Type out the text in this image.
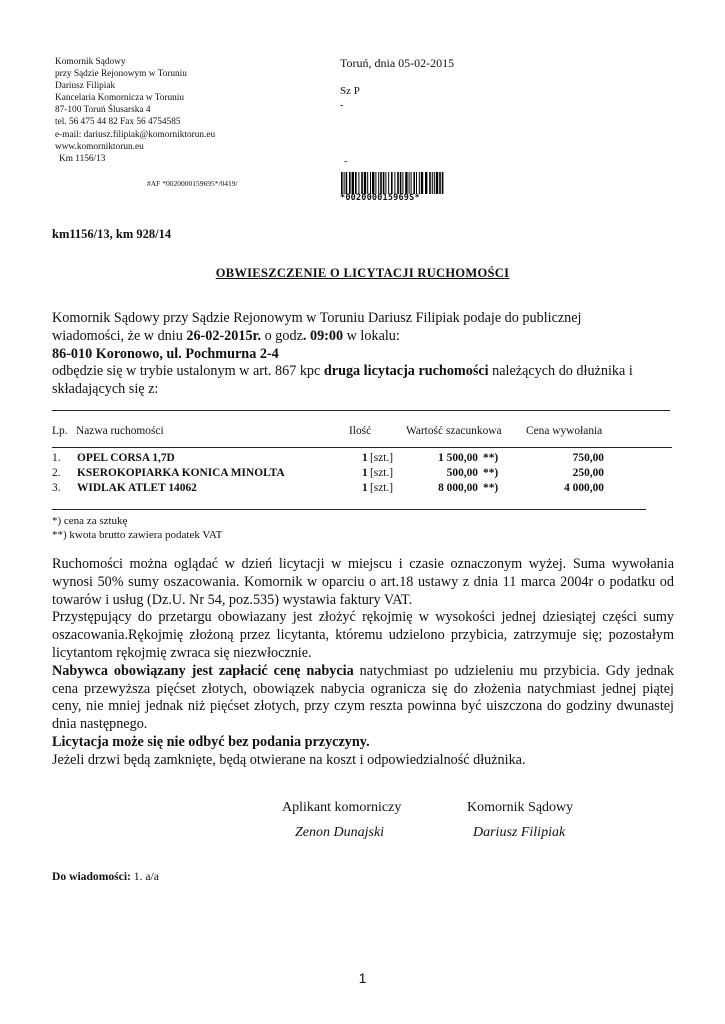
Komornik Sądowy
przy Sądzie Rejonowym w Toruniu
Dariusz Filipiak
Kancelaria Komornicza w Toruniu
87-100 Toruń Ślusarska 4
tel. 56 475 44 82 Fax 56 4754585
e-mail: dariusz.filipiak@komorniktorun.eu
www.komorniktorun.eu
Km 1156/13
Toruń, dnia 05-02-2015
Sz P
-
-
#AF *0020000159695*/0419/
*002000015969S*
km1156/13, km 928/14
OBWIESZCZENIE O LICYTACJI RUCHOMOŚCI
Komornik Sądowy przy Sądzie Rejonowym w Toruniu Dariusz Filipiak podaje do publicznej
wiadomości, że w dniu 26-02-2015r. o godz. 09:00 w lokalu:
86-010 Koronowo, ul. Pochmurna 2-4
odbędzie się w trybie ustalonym w art. 867 kpc druga licytacja ruchomości należących do dłużnika i
składających się z:
Lp. Nazwa ruchomości	Ilość	Wartość szacunkowa Cena wywołania
1. OPEL CORSA 1,7D	1 [szt.]	1 500,00 **)	750,00
2. KSEROKOPIARKA KONICA MINOLTA	1 [szt.]	500,00 **)	250,00
3. WIDLAK ATLET 14062	1 [szt.]	8 000,00 **)	4 000,00
*) cena za sztukę
**) kwota brutto zawiera podatek VAT
Ruchomości można oglądać w dzień licytacji w miejscu i czasie oznaczonym wyżej. Suma wywołania wynosi 50% sumy oszacowania. Komornik w oparciu o art.18 ustawy z dnia 11 marca 2004r o podatku od towarów i usług (Dz.U. Nr 54, poz.535) wystawia faktury VAT.
Przystępujący do przetargu obowiazany jest złożyć rękojmię w wysokości jednej dziesiątej części sumy oszacowania.Rękojmię złożoną przez licytanta, któremu udzielono przybicia, zatrzymuje się; pozostałym licytantom rękojmię zwraca się niezwłocznie.
Nabywca obowiązany jest zapłacić cenę nabycia natychmiast po udzieleniu mu przybicia. Gdy jednak cena przewyższa pięćset złotych, obowiązek nabycia ogranicza się do złożenia natychmiast jednej piątej ceny, nie mniej jednak niż pięćset złotych, przy czym reszta powinna być uiszczona do godziny dwunastej dnia następnego.
Licytacja może się nie odbyć bez podania przyczyny.
Jeżeli drzwi będą zamknięte, będą otwierane na koszt i odpowiedzialność dłużnika.
Aplikant komorniczy
Zenon Dunajski
Komornik Sądowy
Dariusz Filipiak
Do wiadomości: 1. a/a
1
